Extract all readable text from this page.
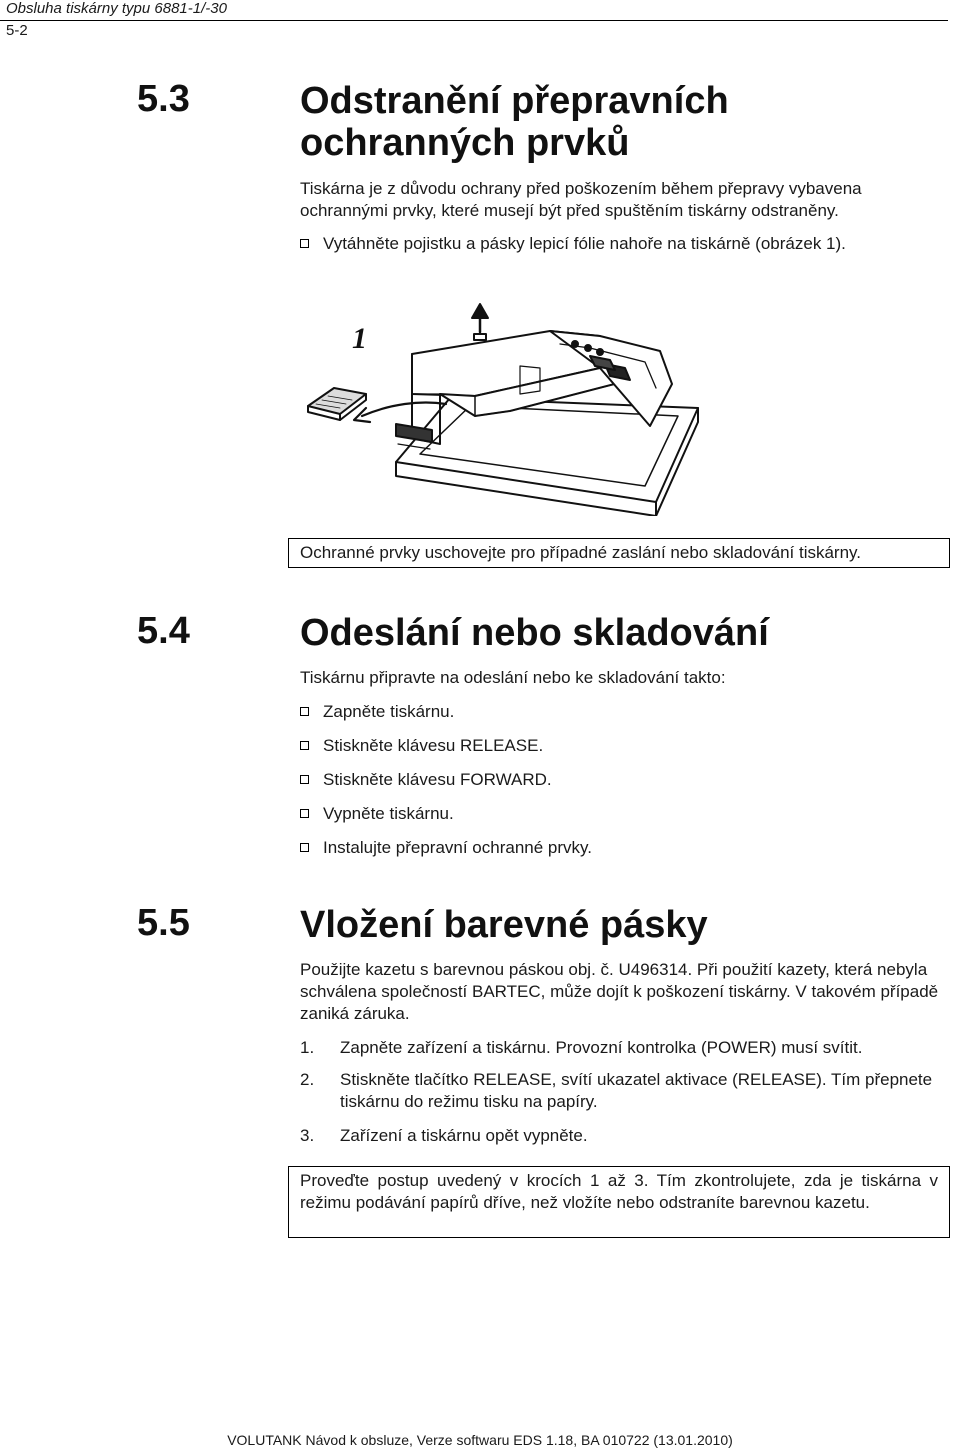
Obsluha tiskárny typu 6881-1/-30
5-2
5.3	Odstranění přepravních
ochranných prvků

Tiskárna je z důvodu ochrany před poškozením během přepravy vybavena ochrannými prvky, které musejí být před spuštěním tiskárny odstraněny.

Vytáhněte pojistku a pásky lepicí fólie nahoře na tiskárně (obrázek 1).
1
Ochranné prvky uschovejte pro případné zaslání nebo skladování tiskárny.
5.4	Odeslání nebo skladování

Tiskárnu připravte na odeslání nebo ke skladování takto:

Zapněte tiskárnu.
Stiskněte klávesu RELEASE.
Stiskněte klávesu FORWARD.
Vypněte tiskárnu.
Instalujte přepravní ochranné prvky.
5.5	Vložení barevné pásky

Použijte kazetu s barevnou páskou obj. č. U496314. Při použití kazety, která nebyla schválena společností BARTEC, může dojít k poškození tiskárny. V takovém případě zaniká záruka.

1. Zapněte zařízení a tiskárnu. Provozní kontrolka (POWER) musí svítit.
2. Stiskněte tlačítko RELEASE, svítí ukazatel aktivace (RELEASE). Tím přepnete tiskárnu do režimu tisku na papíry.
3. Zařízení a tiskárnu opět vypněte.
Proveďte postup uvedený v krocích 1 až 3. Tím zkontrolujete, zda je tiskárna v režimu podávání papírů dříve, než vložíte nebo odstraníte barevnou kazetu.
VOLUTANK Návod k obsluze, Verze softwaru EDS 1.18, BA 010722 (13.01.2010)
